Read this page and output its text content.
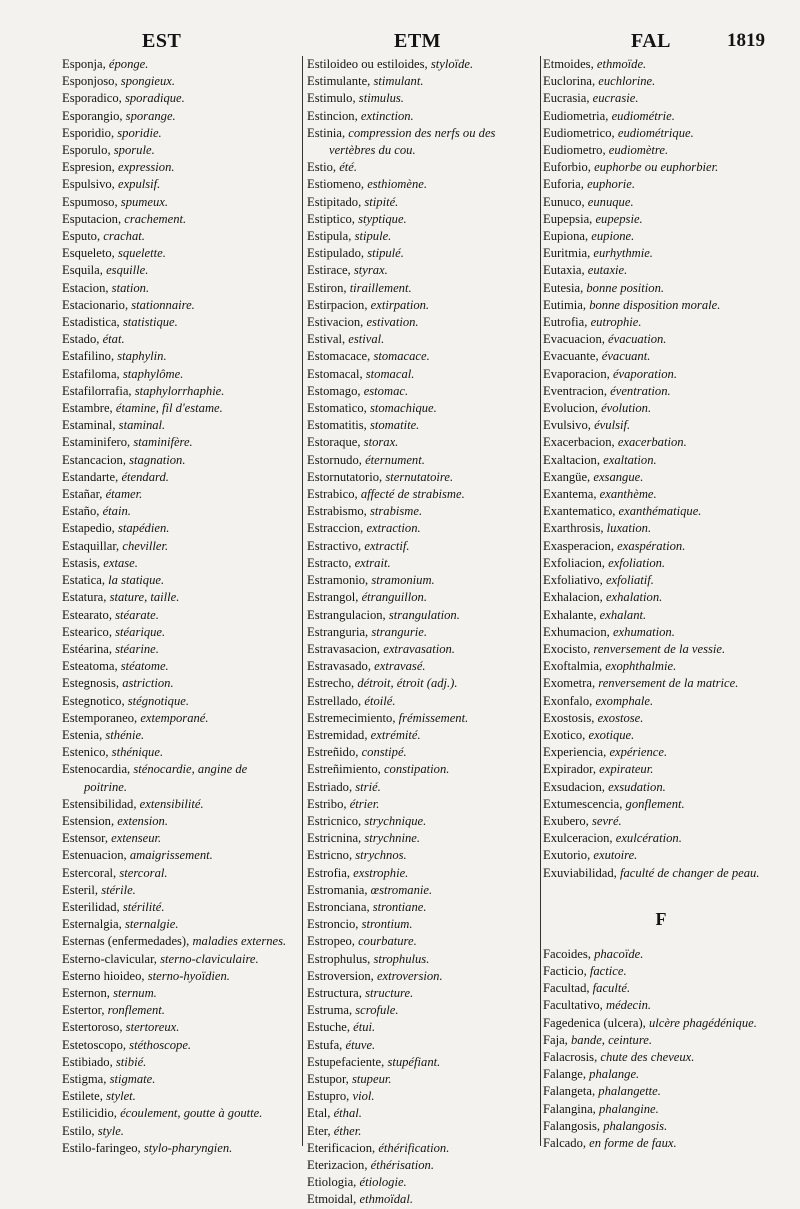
EST	ETM	FAL	1819

Esponja, éponge.

Esponjoso, spongieux.

Esporadico, sporadique.

Esporangio, sporange.

Esporidio, sporidie.

Esporulo, sporule.

Espresion, expression.

Espulsivo, expulsif.

Espumoso, spumeux.

Esputacion, crachement.

Esputo, crachat.

Esqueleto, squelette.

Esquila, esquille.

Estacion, station.

Estacionario, stationnaire.

Estadistica, statistique.

Estado, état.

Estafilino, staphylin.

Estafiloma, staphylôme.

Estafilorrafia, staphylorrhaphie.

Estambre, étamine, fil d'estame.

Estaminal, staminal.

Estaminifero, staminifère.

Estancacion, stagnation.

Estandarte, étendard.

Estañar, étamer.

Estaño, étain.

Estapedio, stapédien.

Estaquillar, cheviller.

Estasis, extase.

Estatica, la statique.

Estatura, stature, taille.

Estearato, stéarate.

Estearico, stéarique.

Estéarina, stéarine.

Esteatoma, stéatome.

Estegnosis, astriction.

Estegnotico, stégnotique.

Estemporaneo, extemporané.

Estenia, sthénie.

Estenico, sthénique.

Estenocardia, sténocardie, angine de poitrine.

Estensibilidad, extensibilité.

Estension, extension.

Estensor, extenseur.

Estenuacion, amaigrissement.

Estercoral, stercoral.

Esteril, stérile.

Esterilidad, stérilité.

Esternalgia, sternalgie.

Esternas (enfermedades), maladies externes.

Esterno-clavicular, sterno-claviculaire.

Esterno hioideo, sterno-hyoïdien.

Esternon, sternum.

Estertor, ronflement.

Estertoroso, stertoreux.

Estetoscopo, stéthoscope.

Estibiado, stibié.

Estigma, stigmate.

Estilete, stylet.

Estilicidio, écoulement, goutte à goutte.

Estilo, style.

Estilo-faringeo, stylo-pharyngien.

Estiloideo ou estiloides, styloïde.

Estimulante, stimulant.

Estimulo, stimulus.

Estincion, extinction.

Estinia, compression des nerfs ou des vertèbres du cou.

Estio, été.

Estiomeno, esthiomène.

Estipitado, stipité.

Estiptico, styptique.

Estipula, stipule.

Estipulado, stipulé.

Estirace, styrax.

Estiron, tiraillement.

Estirpacion, extirpation.

Estivacion, estivation.

Estival, estival.

Estomacace, stomacace.

Estomacal, stomacal.

Estomago, estomac.

Estomatico, stomachique.

Estomatitis, stomatite.

Estoraque, storax.

Estornudo, éternument.

Estornutatorio, sternutatoire.

Estrabico, affecté de strabisme.

Estrabismo, strabisme.

Estraccion, extraction.

Estractivo, extractif.

Estracto, extrait.

Estramonio, stramonium.

Estrangol, étranguillon.

Estrangulacion, strangulation.

Estranguria, strangurie.

Estravasacion, extravasation.

Estravasado, extravasé.

Estrecho, détroit, étroit (adj.).

Estrellado, étoilé.

Estremecimiento, frémissement.

Estremidad, extrémité.

Estreñido, constipé.

Estreñimiento, constipation.

Estriado, strié.

Estribo, étrier.

Estricnico, strychnique.

Estricnina, strychnine.

Estricno, strychnos.

Estrofia, exstrophie.

Estromania, œstromanie.

Estronciana, strontiane.

Estroncio, strontium.

Estropeo, courbature.

Estrophulus, strophulus.

Estroversion, extroversion.

Estructura, structure.

Estruma, scrofule.

Estuche, étui.

Estufa, étuve.

Estupefaciente, stupéfiant.

Estupor, stupeur.

Estupro, viol.

Etal, éthal.

Eter, éther.

Eterificacion, éthérification.

Eterizacion, éthérisation.

Etiologia, étiologie.

Etmoidal, ethmoïdal.

Etmoides, ethmoïde.

Euclorina, euchlorine.

Eucrasia, eucrasie.

Eudiometria, eudiométrie.

Eudiometrico, eudiométrique.

Eudiometro, eudiomètre.

Euforbio, euphorbe ou euphorbier.

Euforia, euphorie.

Eunuco, eunuque.

Eupepsia, eupepsie.

Eupiona, eupione.

Euritmia, eurhythmie.

Eutaxia, eutaxie.

Eutesia, bonne position.

Eutimia, bonne disposition morale.

Eutrofia, eutrophie.

Evacuacion, évacuation.

Evacuante, évacuant.

Evaporacion, évaporation.

Eventracion, éventration.

Evolucion, évolution.

Evulsivo, évulsif.

Exacerbacion, exacerbation.

Exaltacion, exaltation.

Exangüe, exsangue.

Exantema, exanthème.

Exantematico, exanthématique.

Exarthrosis, luxation.

Exasperacion, exaspération.

Exfoliacion, exfoliation.

Exfoliativo, exfoliatif.

Exhalacion, exhalation.

Exhalante, exhalant.

Exhumacion, exhumation.

Exocisto, renversement de la vessie.

Exoftalmia, exophthalmie.

Exometra, renversement de la matrice.

Exonfalo, exomphale.

Exostosis, exostose.

Exotico, exotique.

Experiencia, expérience.

Expirador, expirateur.

Exsudacion, exsudation.

Extumescencia, gonflement.

Exubero, sevré.

Exulceracion, exulcération.

Exutorio, exutoire.

Exuviabilidad, faculté de changer de peau.

F

Facoides, phacoïde.

Facticio, factice.

Facultad, faculté.

Facultativo, médecin.

Fagedenica (ulcera), ulcère phagédénique.

Faja, bande, ceinture.

Falacrosis, chute des cheveux.

Falange, phalange.

Falangeta, phalangette.

Falangina, phalangine.

Falangosis, phalangosis.

Falcado, en forme de faux.
